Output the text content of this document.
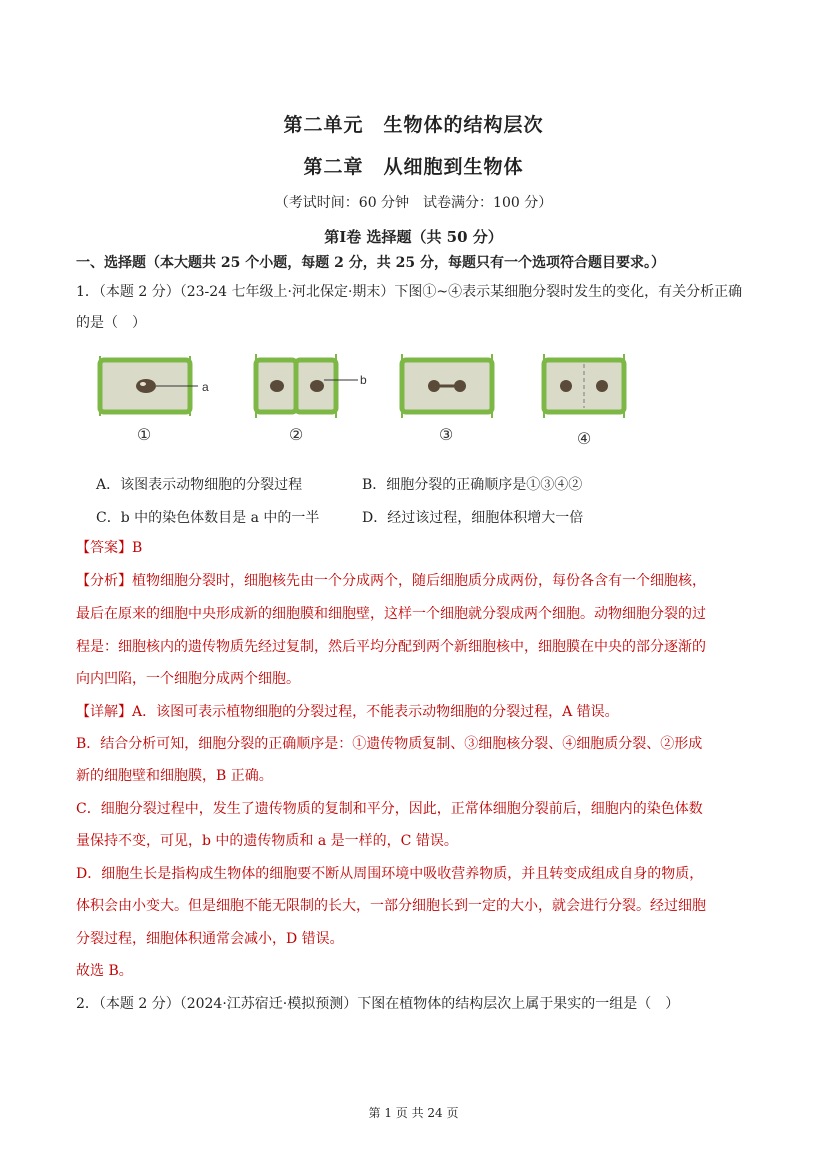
第二单元　生物体的结构层次
第二章　从细胞到生物体
（考试时间：60 分钟　试卷满分：100 分）
第Ⅰ卷 选择题（共 50 分）
一、选择题（本大题共 25 个小题，每题 2 分，共 25 分，每题只有一个选项符合题目要求。）
1．（本题 2 分）（23-24 七年级上·河北保定·期末）下图①~④表示某细胞分裂时发生的变化，有关分析正确
的是（　）
a
①
b
②	③	④
A．该图表示动物细胞的分裂过程	B．细胞分裂的正确顺序是①③④②
C．b 中的染色体数目是 a 中的一半	D．经过该过程，细胞体积增大一倍
【答案】B
【分析】植物细胞分裂时，细胞核先由一个分成两个，随后细胞质分成两份，每份各含有一个细胞核，
最后在原来的细胞中央形成新的细胞膜和细胞壁，这样一个细胞就分裂成两个细胞。动物细胞分裂的过
程是：细胞核内的遗传物质先经过复制，然后平均分配到两个新细胞核中，细胞膜在中央的部分逐渐的
向内凹陷，一个细胞分成两个细胞。
【详解】A．该图可表示植物细胞的分裂过程，不能表示动物细胞的分裂过程，A 错误。
B．结合分析可知，细胞分裂的正确顺序是：①遗传物质复制、③细胞核分裂、④细胞质分裂、②形成
新的细胞壁和细胞膜，B 正确。
C．细胞分裂过程中，发生了遗传物质的复制和平分，因此，正常体细胞分裂前后，细胞内的染色体数
量保持不变，可见，b 中的遗传物质和 a 是一样的，C 错误。
D．细胞生长是指构成生物体的细胞要不断从周围环境中吸收营养物质，并且转变成组成自身的物质，
体积会由小变大。但是细胞不能无限制的长大，一部分细胞长到一定的大小，就会进行分裂。经过细胞
分裂过程，细胞体积通常会减小，D 错误。
故选 B。
2．（本题 2 分）（2024·江苏宿迁·模拟预测）下图在植物体的结构层次上属于果实的一组是（　）
第 1 页 共 24 页
